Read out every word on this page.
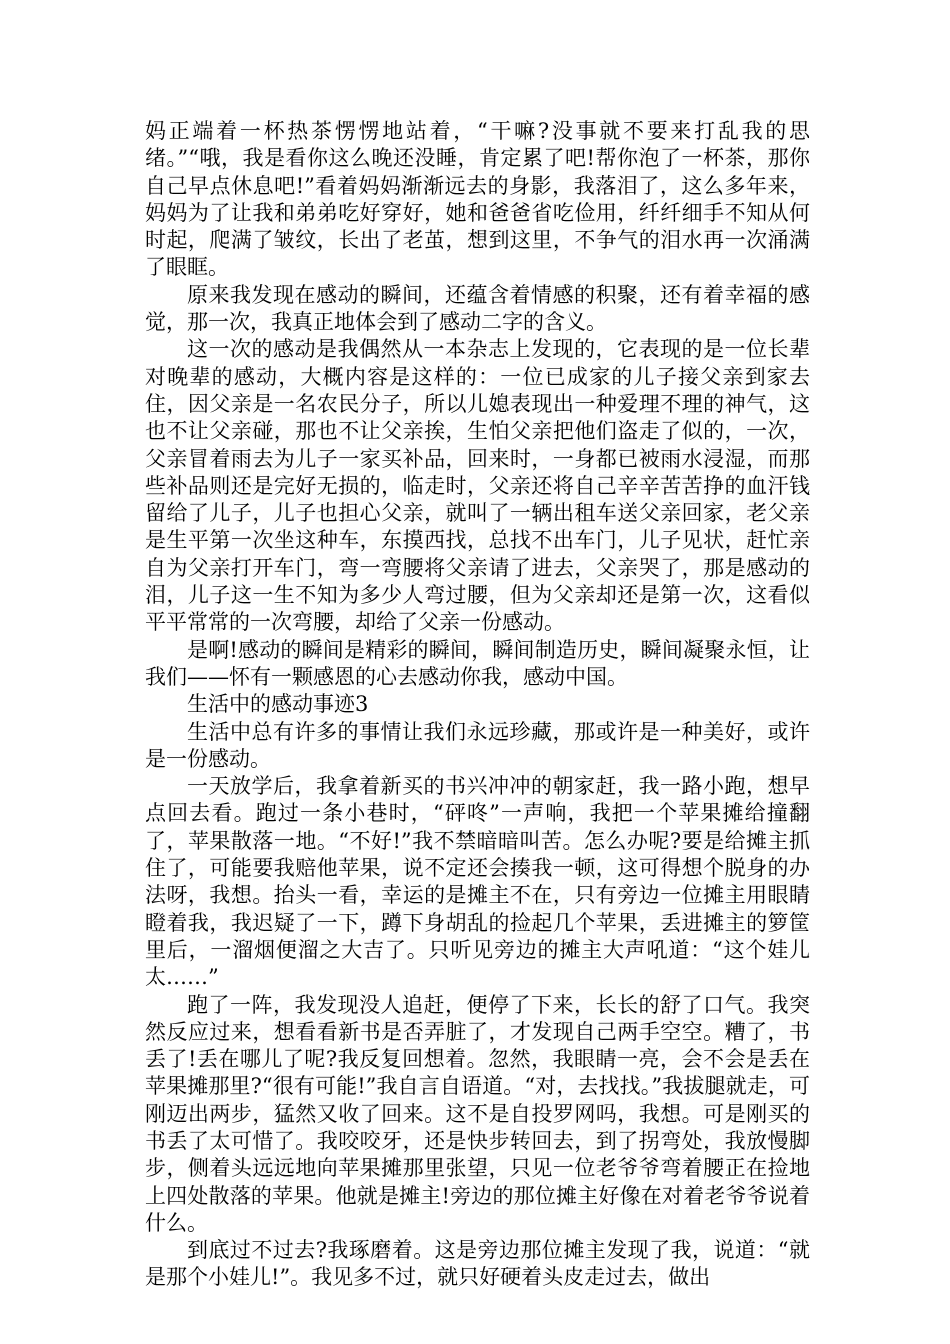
妈正端着一杯热茶愣愣地站着，“干嘛?没事就不要来打乱我的思绪。”“哦，我是看你这么晚还没睡，肯定累了吧!帮你泡了一杯茶，那你自己早点休息吧!”看着妈妈渐渐远去的身影，我落泪了，这么多年来，妈妈为了让我和弟弟吃好穿好，她和爸爸省吃俭用，纤纤细手不知从何时起，爬满了皱纹，长出了老茧，想到这里，不争气的泪水再一次涌满了眼眶。

原来我发现在感动的瞬间，还蕴含着情感的积聚，还有着幸福的感觉，那一次，我真正地体会到了感动二字的含义。

这一次的感动是我偶然从一本杂志上发现的，它表现的是一位长辈对晚辈的感动，大概内容是这样的：一位已成家的儿子接父亲到家去住，因父亲是一名农民分子，所以儿媳表现出一种爱理不理的神气，这也不让父亲碰，那也不让父亲挨，生怕父亲把他们盗走了似的，一次，父亲冒着雨去为儿子一家买补品，回来时，一身都已被雨水浸湿，而那些补品则还是完好无损的，临走时，父亲还将自己辛辛苦苦挣的血汗钱留给了儿子，儿子也担心父亲，就叫了一辆出租车送父亲回家，老父亲是生平第一次坐这种车，东摸西找，总找不出车门，儿子见状，赶忙亲自为父亲打开车门，弯一弯腰将父亲请了进去，父亲哭了，那是感动的泪，儿子这一生不知为多少人弯过腰，但为父亲却还是第一次，这看似平平常常的一次弯腰，却给了父亲一份感动。

是啊!感动的瞬间是精彩的瞬间，瞬间制造历史，瞬间凝聚永恒，让我们——怀有一颗感恩的心去感动你我，感动中国。

生活中的感动事迹3

生活中总有许多的事情让我们永远珍藏，那或许是一种美好，或许是一份感动。

一天放学后，我拿着新买的书兴冲冲的朝家赶，我一路小跑，想早点回去看。跑过一条小巷时，“砰咚”一声响，我把一个苹果摊给撞翻了，苹果散落一地。“不好!”我不禁暗暗叫苦。怎么办呢?要是给摊主抓住了，可能要我赔他苹果，说不定还会揍我一顿，这可得想个脱身的办法呀，我想。抬头一看，幸运的是摊主不在，只有旁边一位摊主用眼睛瞪着我，我迟疑了一下，蹲下身胡乱的捡起几个苹果，丢进摊主的箩筐里后，一溜烟便溜之大吉了。只听见旁边的摊主大声吼道：“这个娃儿太……”

跑了一阵，我发现没人追赶，便停了下来，长长的舒了口气。我突然反应过来，想看看新书是否弄脏了，才发现自己两手空空。糟了，书丢了!丢在哪儿了呢?我反复回想着。忽然，我眼睛一亮，会不会是丢在苹果摊那里?“很有可能!”我自言自语道。“对，去找找。”我拔腿就走，可刚迈出两步，猛然又收了回来。这不是自投罗网吗，我想。可是刚买的书丢了太可惜了。我咬咬牙，还是快步转回去，到了拐弯处，我放慢脚步，侧着头远远地向苹果摊那里张望，只见一位老爷爷弯着腰正在捡地上四处散落的苹果。他就是摊主!旁边的那位摊主好像在对着老爷爷说着什么。

到底过不过去?我琢磨着。这是旁边那位摊主发现了我，说道：“就是那个小娃儿!”。我见多不过，就只好硬着头皮走过去，做出
